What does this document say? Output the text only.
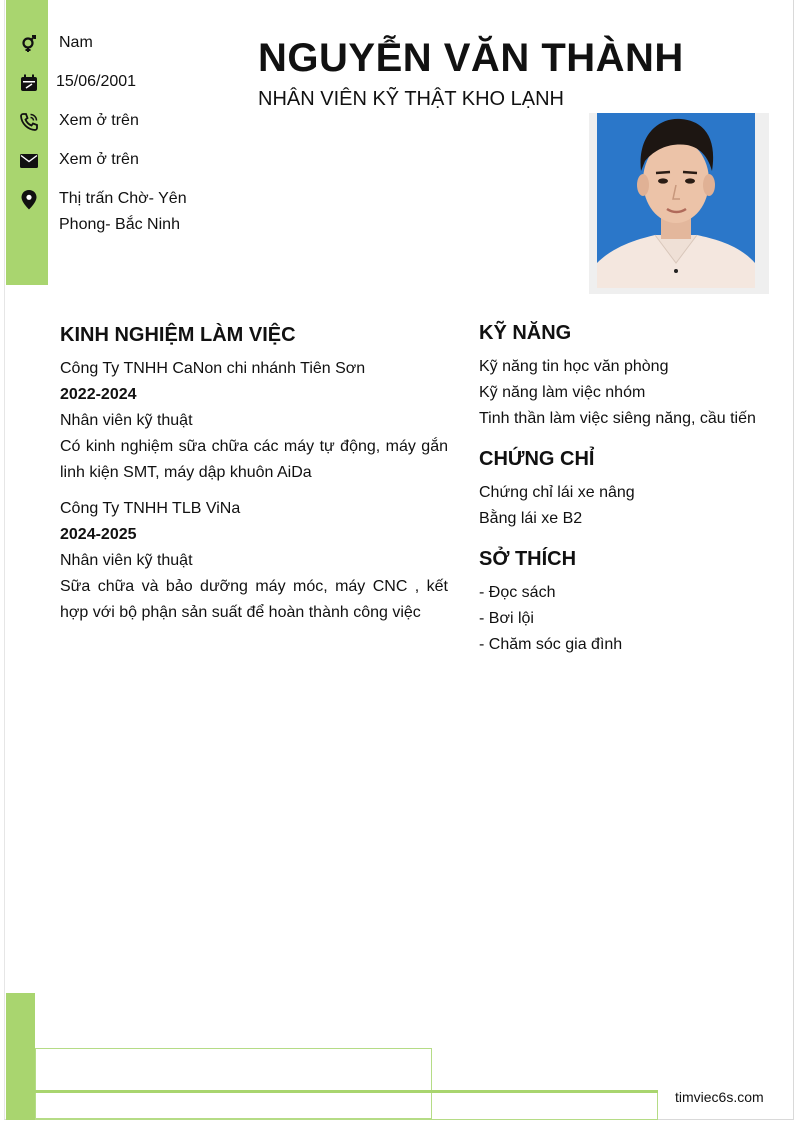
Nam
15/06/2001
Xem ở trên
Xem ở trên
Thị trấn Chờ- Yên
Phong- Bắc Ninh
NGUYỄN VĂN THÀNH
NHÂN VIÊN KỸ THẬT KHO LẠNH
KINH NGHIỆM LÀM VIỆC

Công Ty TNHH CaNon chi nhánh Tiên Sơn

2022-2024

Nhân viên kỹ thuật

Có kinh nghiệm sữa chữa các máy tự động, máy gắn linh kiện SMT, máy dập khuôn AiDa

Công Ty TNHH TLB ViNa

2024-2025

Nhân viên kỹ thuật

Sữa chữa và bảo dưỡng máy móc, máy CNC , kết hợp với bộ phận sản suất để hoàn thành công việc

KỸ NĂNG

Kỹ năng tin học văn phòng

Kỹ năng làm việc nhóm

Tinh thần làm việc siêng năng, cầu tiến

CHỨNG CHỈ

Chứng chỉ lái xe nâng

Bằng lái xe B2

SỞ THÍCH

- Đọc sách

- Bơi lội

- Chăm sóc gia đình

timviec6s.com
